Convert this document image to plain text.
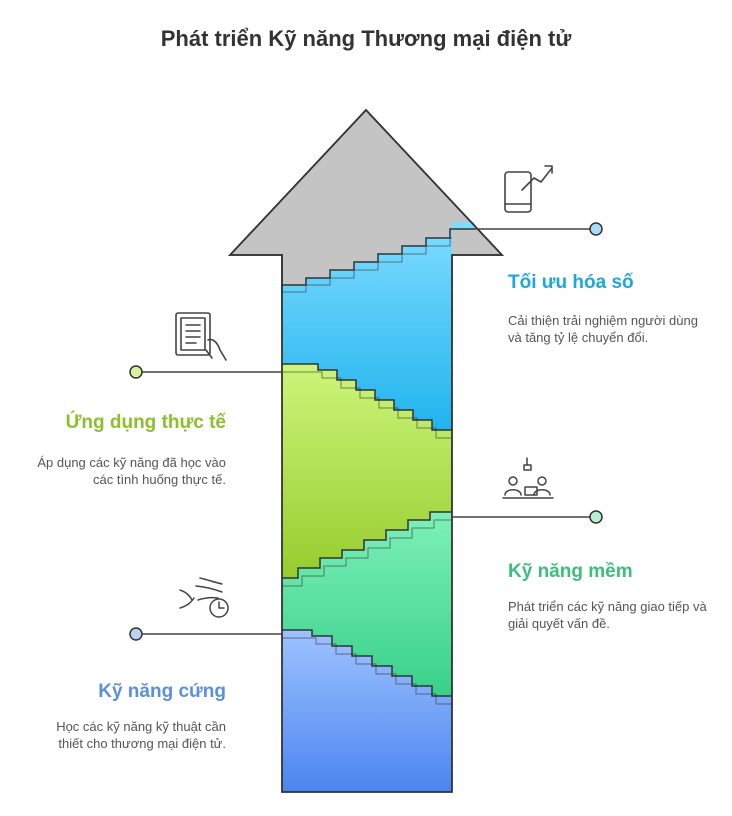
Phát triển Kỹ năng Thương mại điện tử
Tối ưu hóa số
Cải thiện trải nghiệm người dùng và tăng tỷ lệ chuyển đổi.
Ứng dụng thực tế
Áp dụng các kỹ năng đã học vào các tình huống thực tế.
Kỹ năng mềm
Phát triển các kỹ năng giao tiếp và giải quyết vấn đề.
Kỹ năng cứng
Học các kỹ năng kỹ thuật cần thiết cho thương mại điện tử.
